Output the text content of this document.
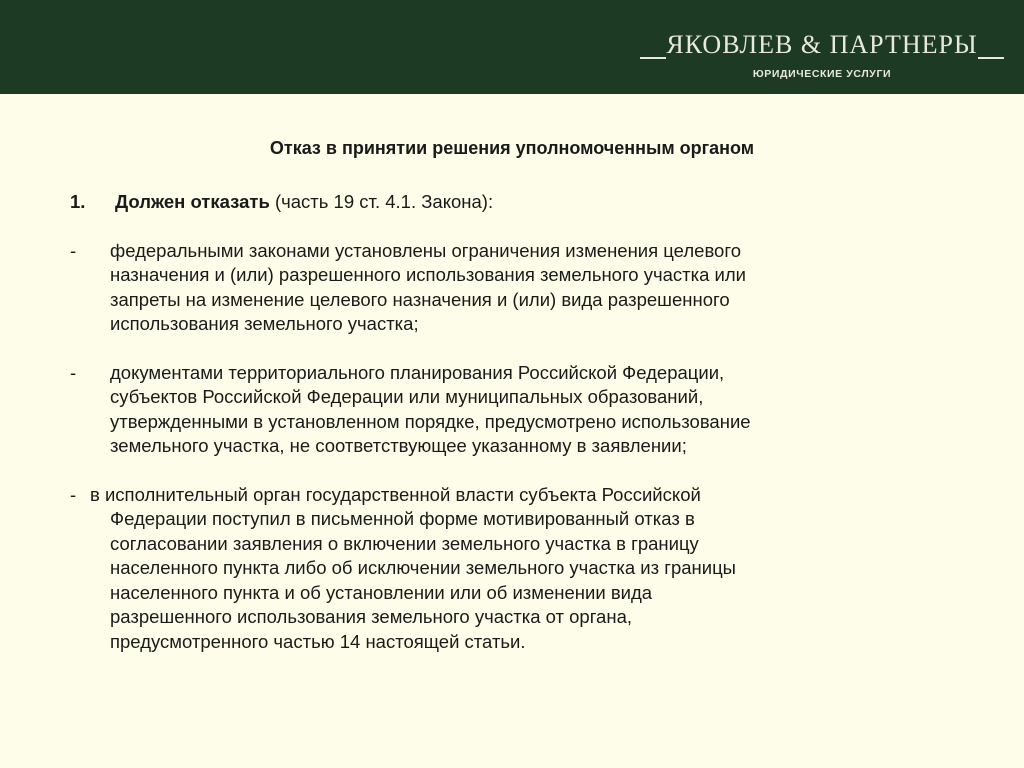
ЯКОВЛЕВ & ПАРТНЕРЫ
ЮРИДИЧЕСКИЕ УСЛУГИ
Отказ в принятии решения уполномоченным органом
1. Должен отказать (часть 19 ст. 4.1. Закона):
- федеральными законами установлены ограничения изменения целевого
назначения и (или) разрешенного использования земельного участка или
запреты на изменение целевого назначения и (или) вида разрешенного
использования земельного участка;
- документами территориального планирования Российской Федерации,
субъектов Российской Федерации или муниципальных образований,
утвержденными в установленном порядке, предусмотрено использование
земельного участка, не соответствующее указанному в заявлении;
- в исполнительный орган государственной власти субъекта Российской
Федерации поступил в письменной форме мотивированный отказ в
согласовании заявления о включении земельного участка в границу
населенного пункта либо об исключении земельного участка из границы
населенного пункта и об установлении или об изменении вида
разрешенного использования земельного участка от органа,
предусмотренного частью 14 настоящей статьи.
